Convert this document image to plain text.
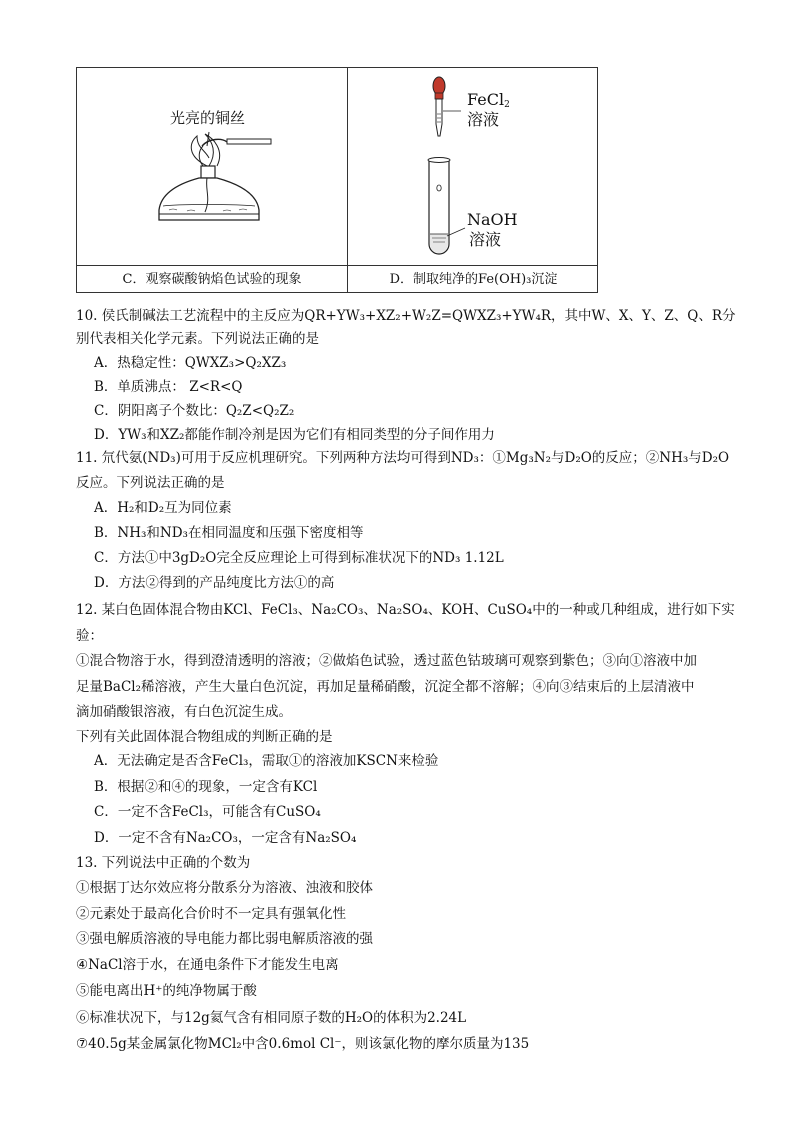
光亮的铜丝
FeCl$_2$
溶液
NaOH
溶液
C．观察碳酸钠焰色试验的现象	D．制取纯净的Fe(OH)₃沉淀
10. 侯氏制碱法工艺流程中的主反应为QR+YW₃+XZ₂+W₂Z=QWXZ₃+YW₄R，其中W、X、Y、Z、Q、R分
别代表相关化学元素。下列说法正确的是
A．热稳定性：QWXZ₃>Q₂XZ₃
B．单质沸点： Z<R<Q
C．阴阳离子个数比：Q₂Z<Q₂Z₂
D．YW₃和XZ₂都能作制冷剂是因为它们有相同类型的分子间作用力
11. 氘代氨(ND₃)可用于反应机理研究。下列两种方法均可得到ND₃：①Mg₃N₂与D₂O的反应；②NH₃与D₂O
反应。下列说法正确的是
A．H₂和D₂互为同位素
B．NH₃和ND₃在相同温度和压强下密度相等
C．方法①中3gD₂O完全反应理论上可得到标准状况下的ND₃ 1.12L
D．方法②得到的产品纯度比方法①的高
12. 某白色固体混合物由KCl、FeCl₃、Na₂CO₃、Na₂SO₄、KOH、CuSO₄中的一种或几种组成，进行如下实
验：
①混合物溶于水，得到澄清透明的溶液；②做焰色试验，透过蓝色钴玻璃可观察到紫色；③向①溶液中加
足量BaCl₂稀溶液，产生大量白色沉淀，再加足量稀硝酸，沉淀全都不溶解；④向③结束后的上层清液中
滴加硝酸银溶液，有白色沉淀生成。
下列有关此固体混合物组成的判断正确的是
A．无法确定是否含FeCl₃，需取①的溶液加KSCN来检验
B．根据②和④的现象，一定含有KCl
C．一定不含FeCl₃，可能含有CuSO₄
D．一定不含有Na₂CO₃，一定含有Na₂SO₄
13. 下列说法中正确的个数为
①根据丁达尔效应将分散系分为溶液、浊液和胶体
②元素处于最高化合价时不一定具有强氧化性
③强电解质溶液的导电能力都比弱电解质溶液的强
④NaCl溶于水，在通电条件下才能发生电离
⑤能电离出H⁺的纯净物属于酸
⑥标准状况下，与12g氦气含有相同原子数的H₂O的体积为2.24L
⑦40.5g某金属氯化物MCl₂中含0.6mol Cl⁻，则该氯化物的摩尔质量为135
